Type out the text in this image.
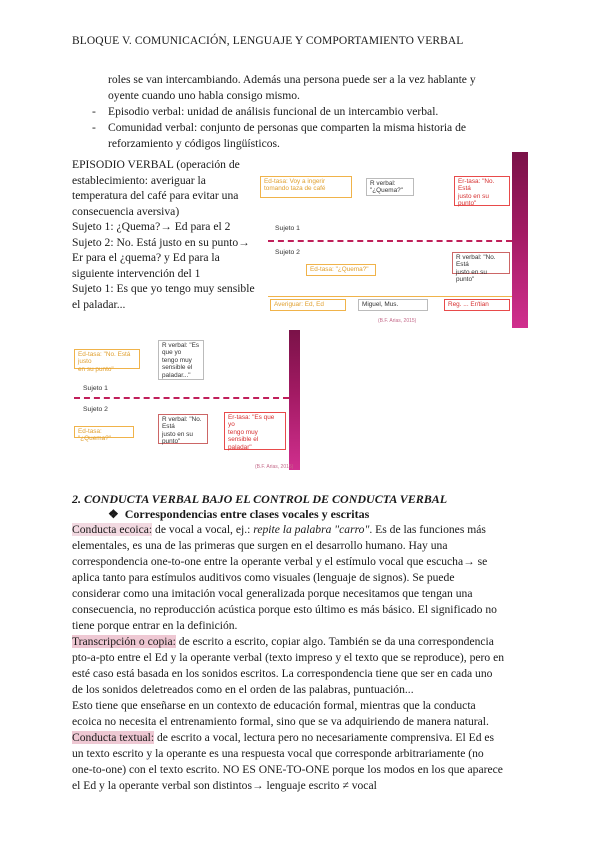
BLOQUE V. COMUNICACIÓN, LENGUAJE Y COMPORTAMIENTO VERBAL
roles se van intercambiando. Además una persona puede ser a la vez hablante y
oyente cuando uno habla consigo mismo.
- Episodio verbal: unidad de análisis funcional de un intercambio verbal.
- Comunidad verbal: conjunto de personas que comparten la misma historia de
reforzamiento y códigos lingüísticos.
EPISODIO VERBAL (operación de
establecimiento: averiguar la
temperatura del café para evitar una
consecuencia aversiva)
Sujeto 1: ¿Quema?→ Ed para el 2
Sujeto 2: No. Está justo en su punto→
Er para el ¿quema? y Ed para la
siguiente intervención del 1
Sujeto 1: Es que yo tengo muy sensible
el paladar...
Ed-tasa: Voy a ingerir
tomando taza de café
R verbal:
"¿Quema?"
Er-tasa: "No. Está
justo en su
punto"
Sujeto 1
Sujeto 2
Ed-tasa: "¿Quema?"
R verbal: "No. Está
justo en su punto"
Averiguar: Ed, Ed	Miguel, Mus.	Reg. ... Er/tian
(B.F. Arias, 2015)
Ed-tasa: "No. Está justo
en su punto"
R verbal: "Es que yo
tengo muy
sensible el
paladar..."
Sujeto 1
Sujeto 2
Ed-tasa: "¿Quema?"
R verbal: "No. Está
justo en su
punto"
Er-tasa: "Es que yo
tengo muy
sensible el
paladar"
(B.F. Arias, 2015)
2. CONDUCTA VERBAL BAJO EL CONTROL DE CONDUCTA VERBAL
❖ Correspondencias entre clases vocales y escritas
Conducta ecoica: de vocal a vocal, ej.: repite la palabra "carro". Es de las funciones más
elementales, es una de las primeras que surgen en el desarrollo humano. Hay una
correspondencia one-to-one entre la operante verbal y el estímulo vocal que escucha→ se
aplica tanto para estímulos auditivos como visuales (lenguaje de signos). Se puede
considerar como una imitación vocal generalizada porque necesitamos que tengan una
consecuencia, no reproducción acústica porque esto último es más básico. El significado no
tiene porque entrar en la definición.
Transcripción o copia: de escrito a escrito, copiar algo. También se da una correspondencia
pto-a-pto entre el Ed y la operante verbal (texto impreso y el texto que se reproduce), pero en
esté caso está basada en los sonidos escritos. La correspondencia tiene que ser en cada uno
de los sonidos deletreados como en el orden de las palabras, puntuación...
Esto tiene que enseñarse en un contexto de educación formal, mientras que la conducta
ecoica no necesita el entrenamiento formal, sino que se va adquiriendo de manera natural.
Conducta textual: de escrito a vocal, lectura pero no necesariamente comprensiva. El Ed es
un texto escrito y la operante es una respuesta vocal que corresponde arbitrariamente (no
one-to-one) con el texto escrito. NO ES ONE-TO-ONE porque los modos en los que aparece
el Ed y la operante verbal son distintos→ lenguaje escrito ≠ vocal
